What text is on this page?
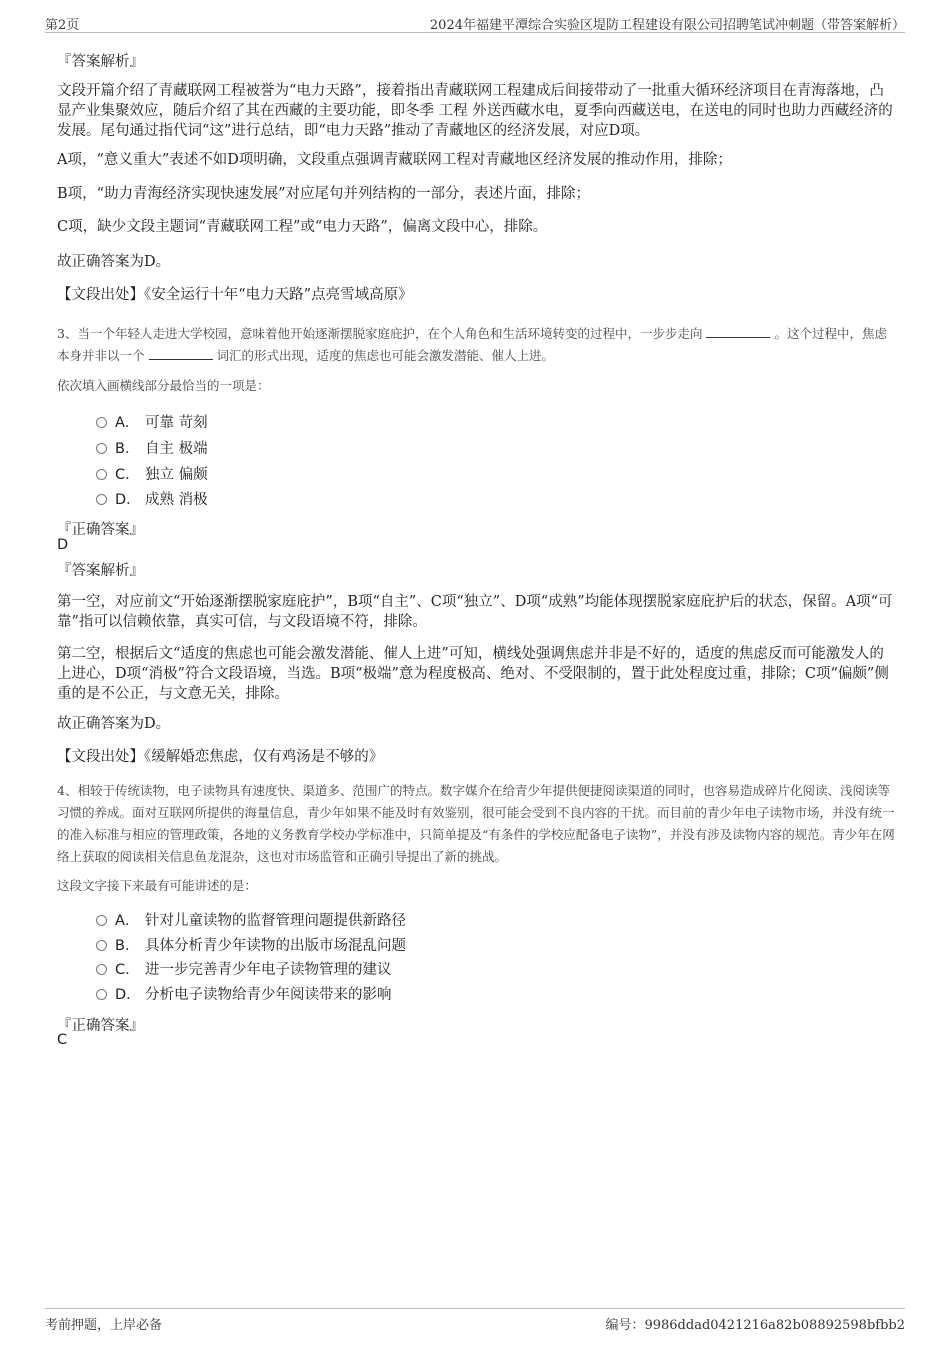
第2页	2024年福建平潭综合实验区堤防工程建设有限公司招聘笔试冲刺题（带答案解析）
『答案解析』
文段开篇介绍了青藏联网工程被誉为“电力天路”，接着指出青藏联网工程建成后间接带动了一批重大循环经济项目在青海落地，凸显产业集聚效应，随后介绍了其在西藏的主要功能，即冬季 工程 外送西藏水电，夏季向西藏送电，在送电的同时也助力西藏经济的发展。尾句通过指代词“这”进行总结，即“电力天路”推动了青藏地区的经济发展，对应D项。
A项，“意义重大”表述不如D项明确，文段重点强调青藏联网工程对青藏地区经济发展的推动作用，排除；
B项，“助力青海经济实现快速发展”对应尾句并列结构的一部分，表述片面，排除；
C项，缺少文段主题词“青藏联网工程”或“电力天路”，偏离文段中心，排除。
故正确答案为D。
【文段出处】《安全运行十年“电力天路”点亮雪域高原》
3、当一个年轻人走进大学校园，意味着他开始逐渐摆脱家庭庇护，在个人角色和生活环境转变的过程中，一步步走向	。这个过程中，焦虑本身并非以一个	词汇的形式出现，适度的焦虑也可能会激发潜能、催人上进。
依次填入画横线部分最恰当的一项是：
A． 可靠 苛刻
B． 自主 极端
C． 独立 偏颇
D． 成熟 消极
『正确答案』
D
『答案解析』
第一空，对应前文“开始逐渐摆脱家庭庇护”，B项“自主”、C项“独立”、D项“成熟”均能体现摆脱家庭庇护后的状态，保留。A项“可靠”指可以信赖依靠，真实可信，与文段语境不符，排除。
第二空，根据后文“适度的焦虑也可能会激发潜能、催人上进”可知，横线处强调焦虑并非是不好的，适度的焦虑反而可能激发人的上进心，D项“消极”符合文段语境，当选。B项“极端”意为程度极高、绝对、不受限制的，置于此处程度过重，排除；C项“偏颇”侧重的是不公正，与文意无关，排除。
故正确答案为D。
【文段出处】《缓解婚恋焦虑，仅有鸡汤是不够的》
4、相较于传统读物，电子读物具有速度快、渠道多、范围广的特点。数字媒介在给青少年提供便捷阅读渠道的同时，也容易造成碎片化阅读、浅阅读等习惯的养成。面对互联网所提供的海量信息，青少年如果不能及时有效鉴别，很可能会受到不良内容的干扰。而目前的青少年电子读物市场，并没有统一的准入标准与相应的管理政策，各地的义务教育学校办学标准中，只简单提及“有条件的学校应配备电子读物”，并没有涉及读物内容的规范。青少年在网络上获取的阅读相关信息鱼龙混杂，这也对市场监管和正确引导提出了新的挑战。
这段文字接下来最有可能讲述的是：
A． 针对儿童读物的监督管理问题提供新路径
B． 具体分析青少年读物的出版市场混乱问题
C． 进一步完善青少年电子读物管理的建议
D． 分析电子读物给青少年阅读带来的影响
『正确答案』
C
考前押题，上岸必备	编号：9986ddad0421216a82b08892598bfbb2
